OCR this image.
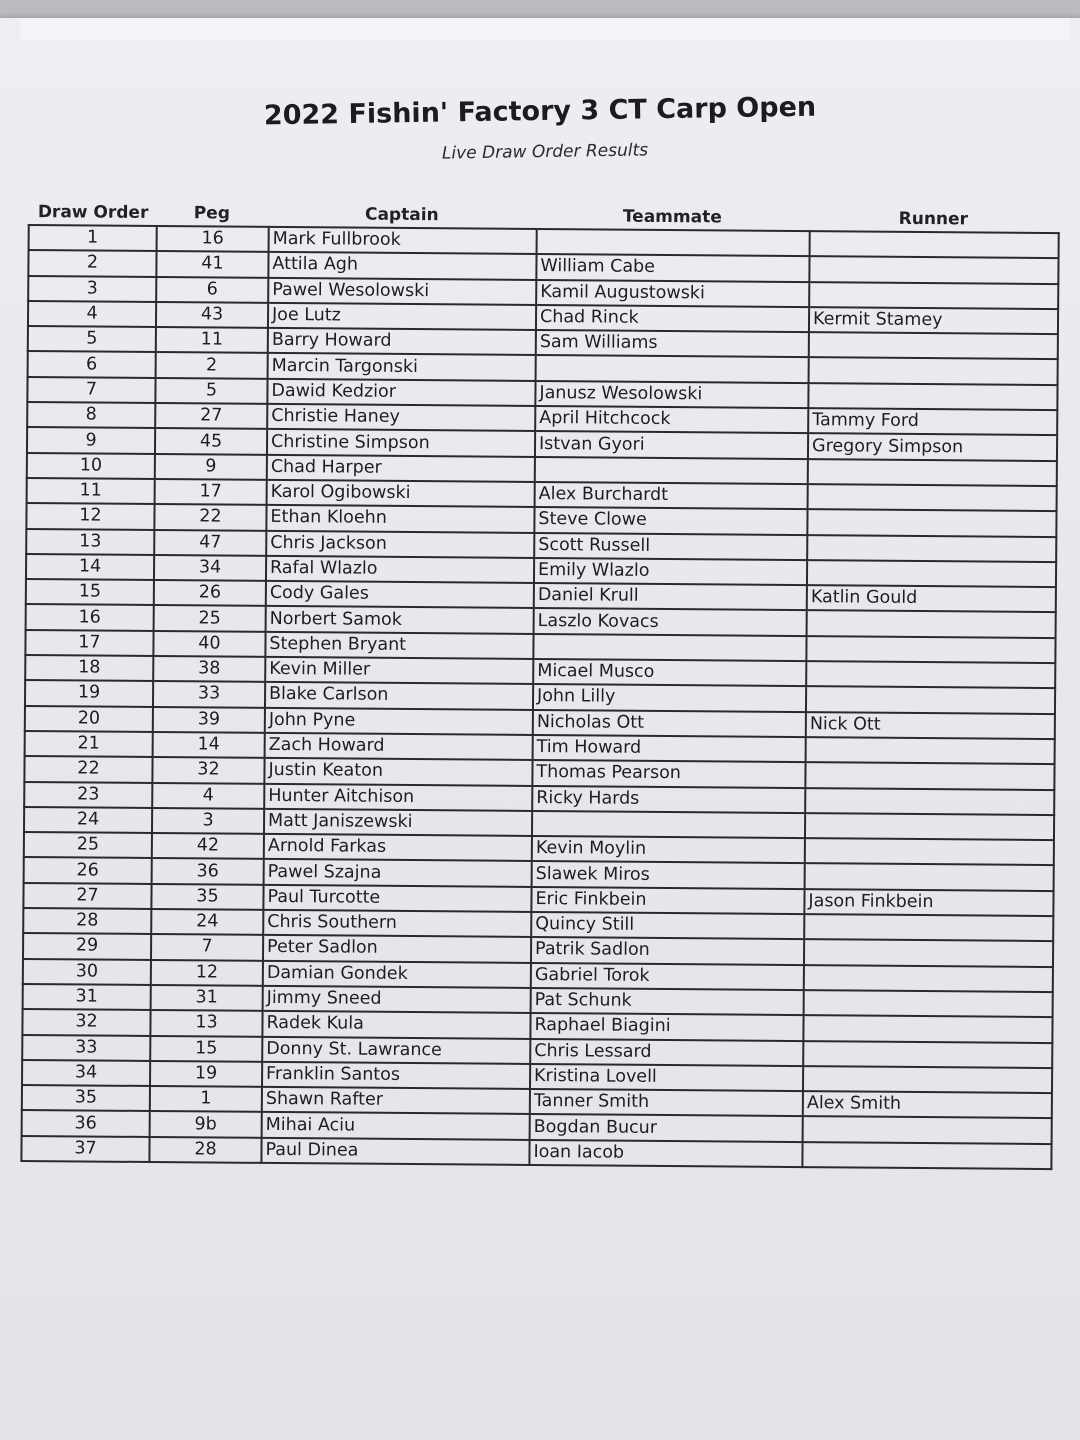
2022 Fishin' Factory 3 CT Carp Open
Live Draw Order Results
Draw Order	Peg	Captain	Teammate	Runner
1	16	Mark Fullbrook		
2	41	Attila Agh	William Cabe	
3	6	Pawel Wesolowski	Kamil Augustowski	
4	43	Joe Lutz	Chad Rinck	Kermit Stamey
5	11	Barry Howard	Sam Williams	
6	2	Marcin Targonski		
7	5	Dawid Kedzior	Janusz Wesolowski	
8	27	Christie Haney	April Hitchcock	Tammy Ford
9	45	Christine Simpson	Istvan Gyori	Gregory Simpson
10	9	Chad Harper		
11	17	Karol Ogibowski	Alex Burchardt	
12	22	Ethan Kloehn	Steve Clowe	
13	47	Chris Jackson	Scott Russell	
14	34	Rafal Wlazlo	Emily Wlazlo	
15	26	Cody Gales	Daniel Krull	Katlin Gould
16	25	Norbert Samok	Laszlo Kovacs	
17	40	Stephen Bryant		
18	38	Kevin Miller	Micael Musco	
19	33	Blake Carlson	John Lilly	
20	39	John Pyne	Nicholas Ott	Nick Ott
21	14	Zach Howard	Tim Howard	
22	32	Justin Keaton	Thomas Pearson	
23	4	Hunter Aitchison	Ricky Hards	
24	3	Matt Janiszewski		
25	42	Arnold Farkas	Kevin Moylin	
26	36	Pawel Szajna	Slawek Miros	
27	35	Paul Turcotte	Eric Finkbein	Jason Finkbein
28	24	Chris Southern	Quincy Still	
29	7	Peter Sadlon	Patrik Sadlon	
30	12	Damian Gondek	Gabriel Torok	
31	31	Jimmy Sneed	Pat Schunk	
32	13	Radek Kula	Raphael Biagini	
33	15	Donny St. Lawrance	Chris Lessard	
34	19	Franklin Santos	Kristina Lovell	
35	1	Shawn Rafter	Tanner Smith	Alex Smith
36	9b	Mihai Aciu	Bogdan Bucur	
37	28	Paul Dinea	Ioan Iacob	
